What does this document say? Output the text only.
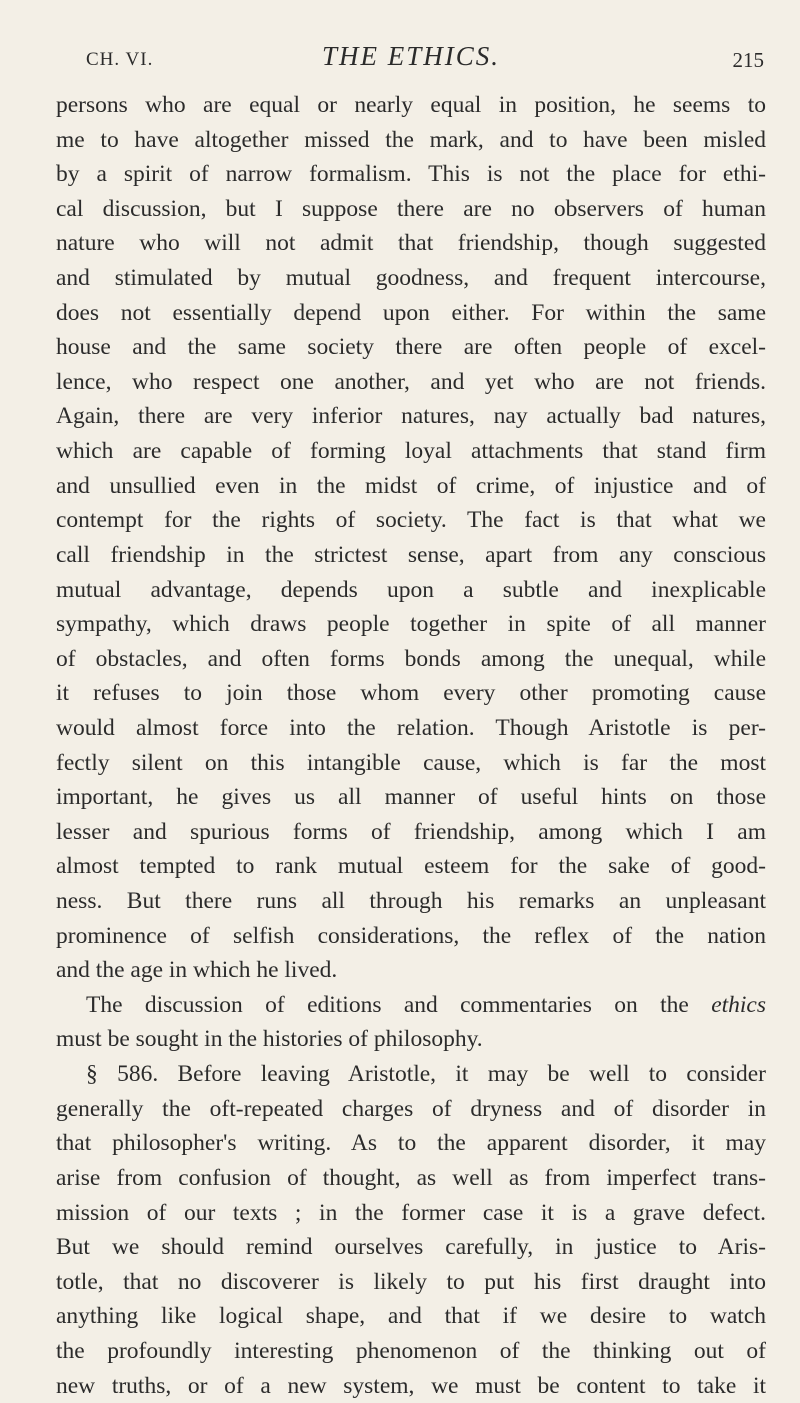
CH. VI.	THE ETHICS.	215
persons who are equal or nearly equal in position, he seems to
me to have altogether missed the mark, and to have been misled
by a spirit of narrow formalism. This is not the place for ethi-
cal discussion, but I suppose there are no observers of human
nature who will not admit that friendship, though suggested
and stimulated by mutual goodness, and frequent intercourse,
does not essentially depend upon either. For within the same
house and the same society there are often people of excel-
lence, who respect one another, and yet who are not friends.
Again, there are very inferior natures, nay actually bad natures,
which are capable of forming loyal attachments that stand firm
and unsullied even in the midst of crime, of injustice and of
contempt for the rights of society. The fact is that what we
call friendship in the strictest sense, apart from any conscious
mutual advantage, depends upon a subtle and inexplicable
sympathy, which draws people together in spite of all manner
of obstacles, and often forms bonds among the unequal, while
it refuses to join those whom every other promoting cause
would almost force into the relation. Though Aristotle is per-
fectly silent on this intangible cause, which is far the most
important, he gives us all manner of useful hints on those
lesser and spurious forms of friendship, among which I am
almost tempted to rank mutual esteem for the sake of good-
ness. But there runs all through his remarks an unpleasant
prominence of selfish considerations, the reflex of the nation
and the age in which he lived.
The discussion of editions and commentaries on the ethics
must be sought in the histories of philosophy.
§ 586. Before leaving Aristotle, it may be well to consider
generally the oft-repeated charges of dryness and of disorder in
that philosopher's writing. As to the apparent disorder, it may
arise from confusion of thought, as well as from imperfect trans-
mission of our texts ; in the former case it is a grave defect.
But we should remind ourselves carefully, in justice to Aris-
totle, that no discoverer is likely to put his first draught into
anything like logical shape, and that if we desire to watch
the profoundly interesting phenomenon of the thinking out of
new truths, or of a new system, we must be content to take it
